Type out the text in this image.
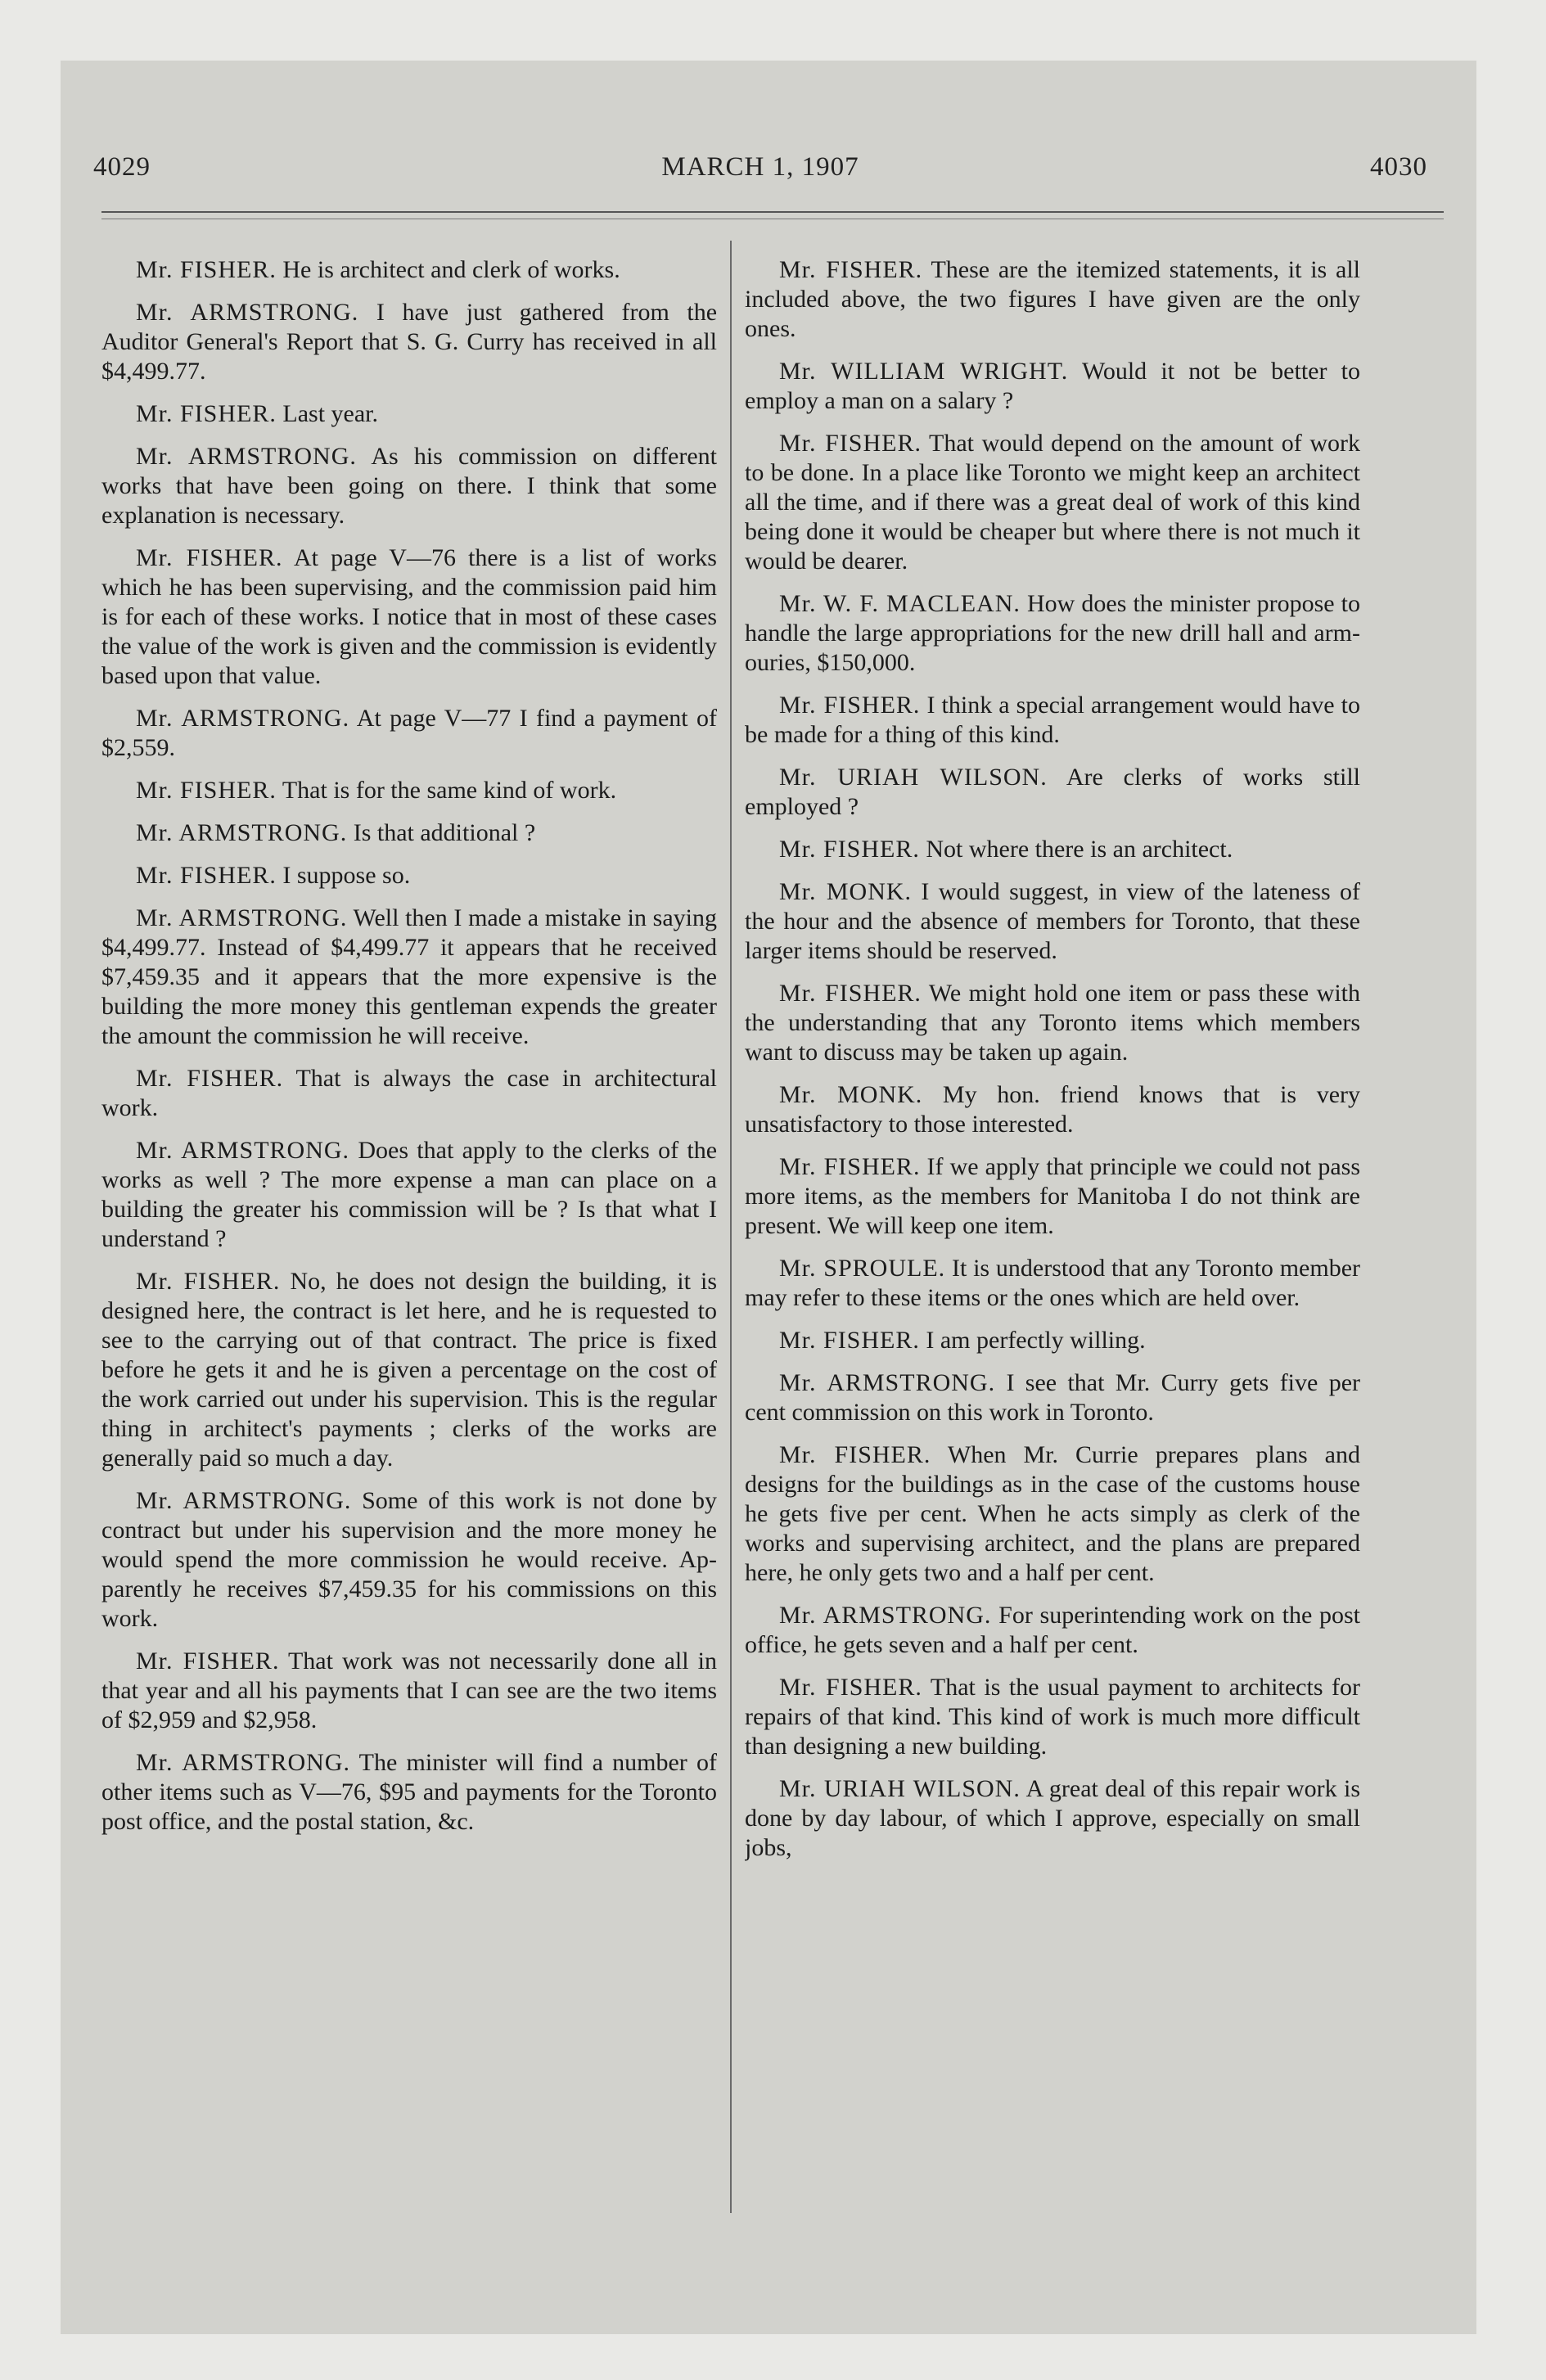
4029	MARCH 1, 1907	4030

Mr. FISHER. He is architect and clerk of works.

Mr. ARMSTRONG. I have just gathered from the Auditor General's Report that S. G. Curry has received in all $4,499.77.

Mr. FISHER. Last year.

Mr. ARMSTRONG. As his commission on different works that have been going on there. I think that some explanation is necessary.

Mr. FISHER. At page V—76 there is a list of works which he has been supervising, and the commission paid him is for each of these works. I notice that in most of these cases the value of the work is given and the commission is evidently based upon that value.

Mr. ARMSTRONG. At page V—77 I find a payment of $2,559.

Mr. FISHER. That is for the same kind of work.

Mr. ARMSTRONG. Is that additional ?

Mr. FISHER. I suppose so.

Mr. ARMSTRONG. Well then I made a mistake in saying $4,499.77. Instead of $4,499.77 it appears that he received $7,459.35 and it appears that the more expensive is the building the more money this gentleman expends the greater the amount the commission he will receive.

Mr. FISHER. That is always the case in architectural work.

Mr. ARMSTRONG. Does that apply to the clerks of the works as well ? The more expense a man can place on a building the greater his commission will be ? Is that what I understand ?

Mr. FISHER. No, he does not design the building, it is designed here, the contract is let here, and he is requested to see to the carrying out of that contract. The price is fixed before he gets it and he is given a percentage on the cost of the work carried out under his supervision. This is the regular thing in architect's payments ; clerks of the works are generally paid so much a day.

Mr. ARMSTRONG. Some of this work is not done by contract but under his supervision and the more money he would spend the more commission he would receive. Apparently he receives $7,459.35 for his commissions on this work.

Mr. FISHER. That work was not necessarily done all in that year and all his payments that I can see are the two items of $2,959 and $2,958.

Mr. ARMSTRONG. The minister will find a number of other items such as V—76, $95 and payments for the Toronto post office, and the postal station, &c.

Mr. FISHER. These are the itemized statements, it is all included above, the two figures I have given are the only ones.

Mr. WILLIAM WRIGHT. Would it not be better to employ a man on a salary ?

Mr. FISHER. That would depend on the amount of work to be done. In a place like Toronto we might keep an architect all the time, and if there was a great deal of work of this kind being done it would be cheaper but where there is not much it would be dearer.

Mr. W. F. MACLEAN. How does the minister propose to handle the large appropriations for the new drill hall and armouries, $150,000.

Mr. FISHER. I think a special arrangement would have to be made for a thing of this kind.

Mr. URIAH WILSON. Are clerks of works still employed ?

Mr. FISHER. Not where there is an architect.

Mr. MONK. I would suggest, in view of the lateness of the hour and the absence of members for Toronto, that these larger items should be reserved.

Mr. FISHER. We might hold one item or pass these with the understanding that any Toronto items which members want to discuss may be taken up again.

Mr. MONK. My hon. friend knows that is very unsatisfactory to those interested.

Mr. FISHER. If we apply that principle we could not pass more items, as the members for Manitoba I do not think are present. We will keep one item.

Mr. SPROULE. It is understood that any Toronto member may refer to these items or the ones which are held over.

Mr. FISHER. I am perfectly willing.

Mr. ARMSTRONG. I see that Mr. Curry gets five per cent commission on this work in Toronto.

Mr. FISHER. When Mr. Currie prepares plans and designs for the buildings as in the case of the customs house he gets five per cent. When he acts simply as clerk of the works and supervising architect, and the plans are prepared here, he only gets two and a half per cent.

Mr. ARMSTRONG. For superintending work on the post office, he gets seven and a half per cent.

Mr. FISHER. That is the usual payment to architects for repairs of that kind. This kind of work is much more difficult than designing a new building.

Mr. URIAH WILSON. A great deal of this repair work is done by day labour, of which I approve, especially on small jobs,
